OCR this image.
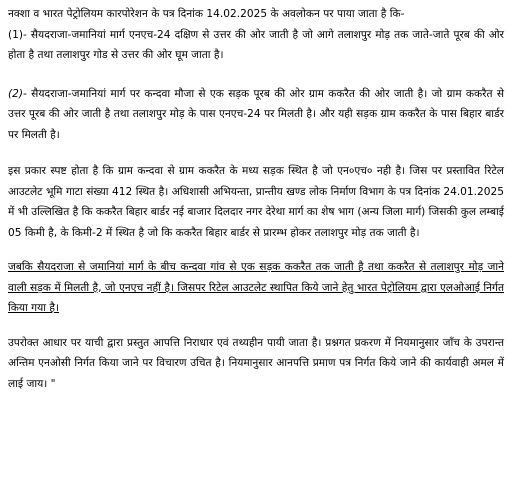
नक्शा व भारत पेट्रोलियम कारपोरेशन के पत्र दिनांक 14.02.2025 के अवलोकन पर पाया जाता है कि-
(1)- सैयदराजा-जमानियां मार्ग एनएच-24 दक्षिण से उत्तर की ओर जाती है जो आगे तलाशपुर मोड़ तक जाते-जाते पूरब की ओर होता है तथा तलाशपुर गोड से उत्तर की ओर घूम जाता है।
(2)- सैयदराजा-जमानियां मार्ग पर कन्दवा मौजा से एक सड़क पूरब की ओर ग्राम ककरैत की ओर जाती है। जो ग्राम ककरैत से उत्तर पूरब की ओर जाती है तथा तलाशपुर मोड़ के पास एनएच-24 पर मिलती है। और यही सड़क ग्राम ककरैत के पास बिहार बार्डर पर मिलती है।
इस प्रकार स्पष्ट होता है कि ग्राम कन्दवा से ग्राम ककरैत के मध्य सड़क स्थित है जो एन०एच० नही है। जिस पर प्रस्तावित रिटेल आउटलेट भूमि गाटा संख्या 412 स्थित है। अधिशासी अभियन्ता, प्रान्तीय खण्ड लोक निर्माण विभाग के पत्र दिनांक 24.01.2025 में भी उल्लिखित है कि ककरैत बिहार बार्डर नई बाजार दिलदार नगर देरेथा मार्ग का शेष भाग (अन्य जिला मार्ग) जिसकी कुल लम्बाई 05 किमी है, के किमी-2 में स्थित है जो कि ककरैत बिहार बार्डर से प्रारम्भ होकर तलाशपुर मोड़ तक जाती है।
जबकि सैयदराजा से जमानियां मार्ग के बीच कन्दवा गांव से एक सड़क ककरैत तक जाती है तथा ककरैत से तलाशपुर मोड़ जाने वाली सड़क में मिलती है, जो एनएच नहीं है। जिसपर रिटेल आउटलेट स्थापित किये जाने हेतु भारत पेट्रोलियम द्वारा एलओआई निर्गत किया गया है।
उपरोक्त आधार पर याची द्वारा प्रस्तुत आपत्ति निराधार एवं तथ्यहीन पायी जाता है। प्रश्नगत प्रकरण में नियमानुसार जाँच के उपरान्त अन्तिम एनओसी निर्गत किया जाने पर विचारण उचित है। नियमानुसार आनपत्ति प्रमाण पत्र निर्गत किये जाने की कार्यवाही अमल में लाई जाय। "
